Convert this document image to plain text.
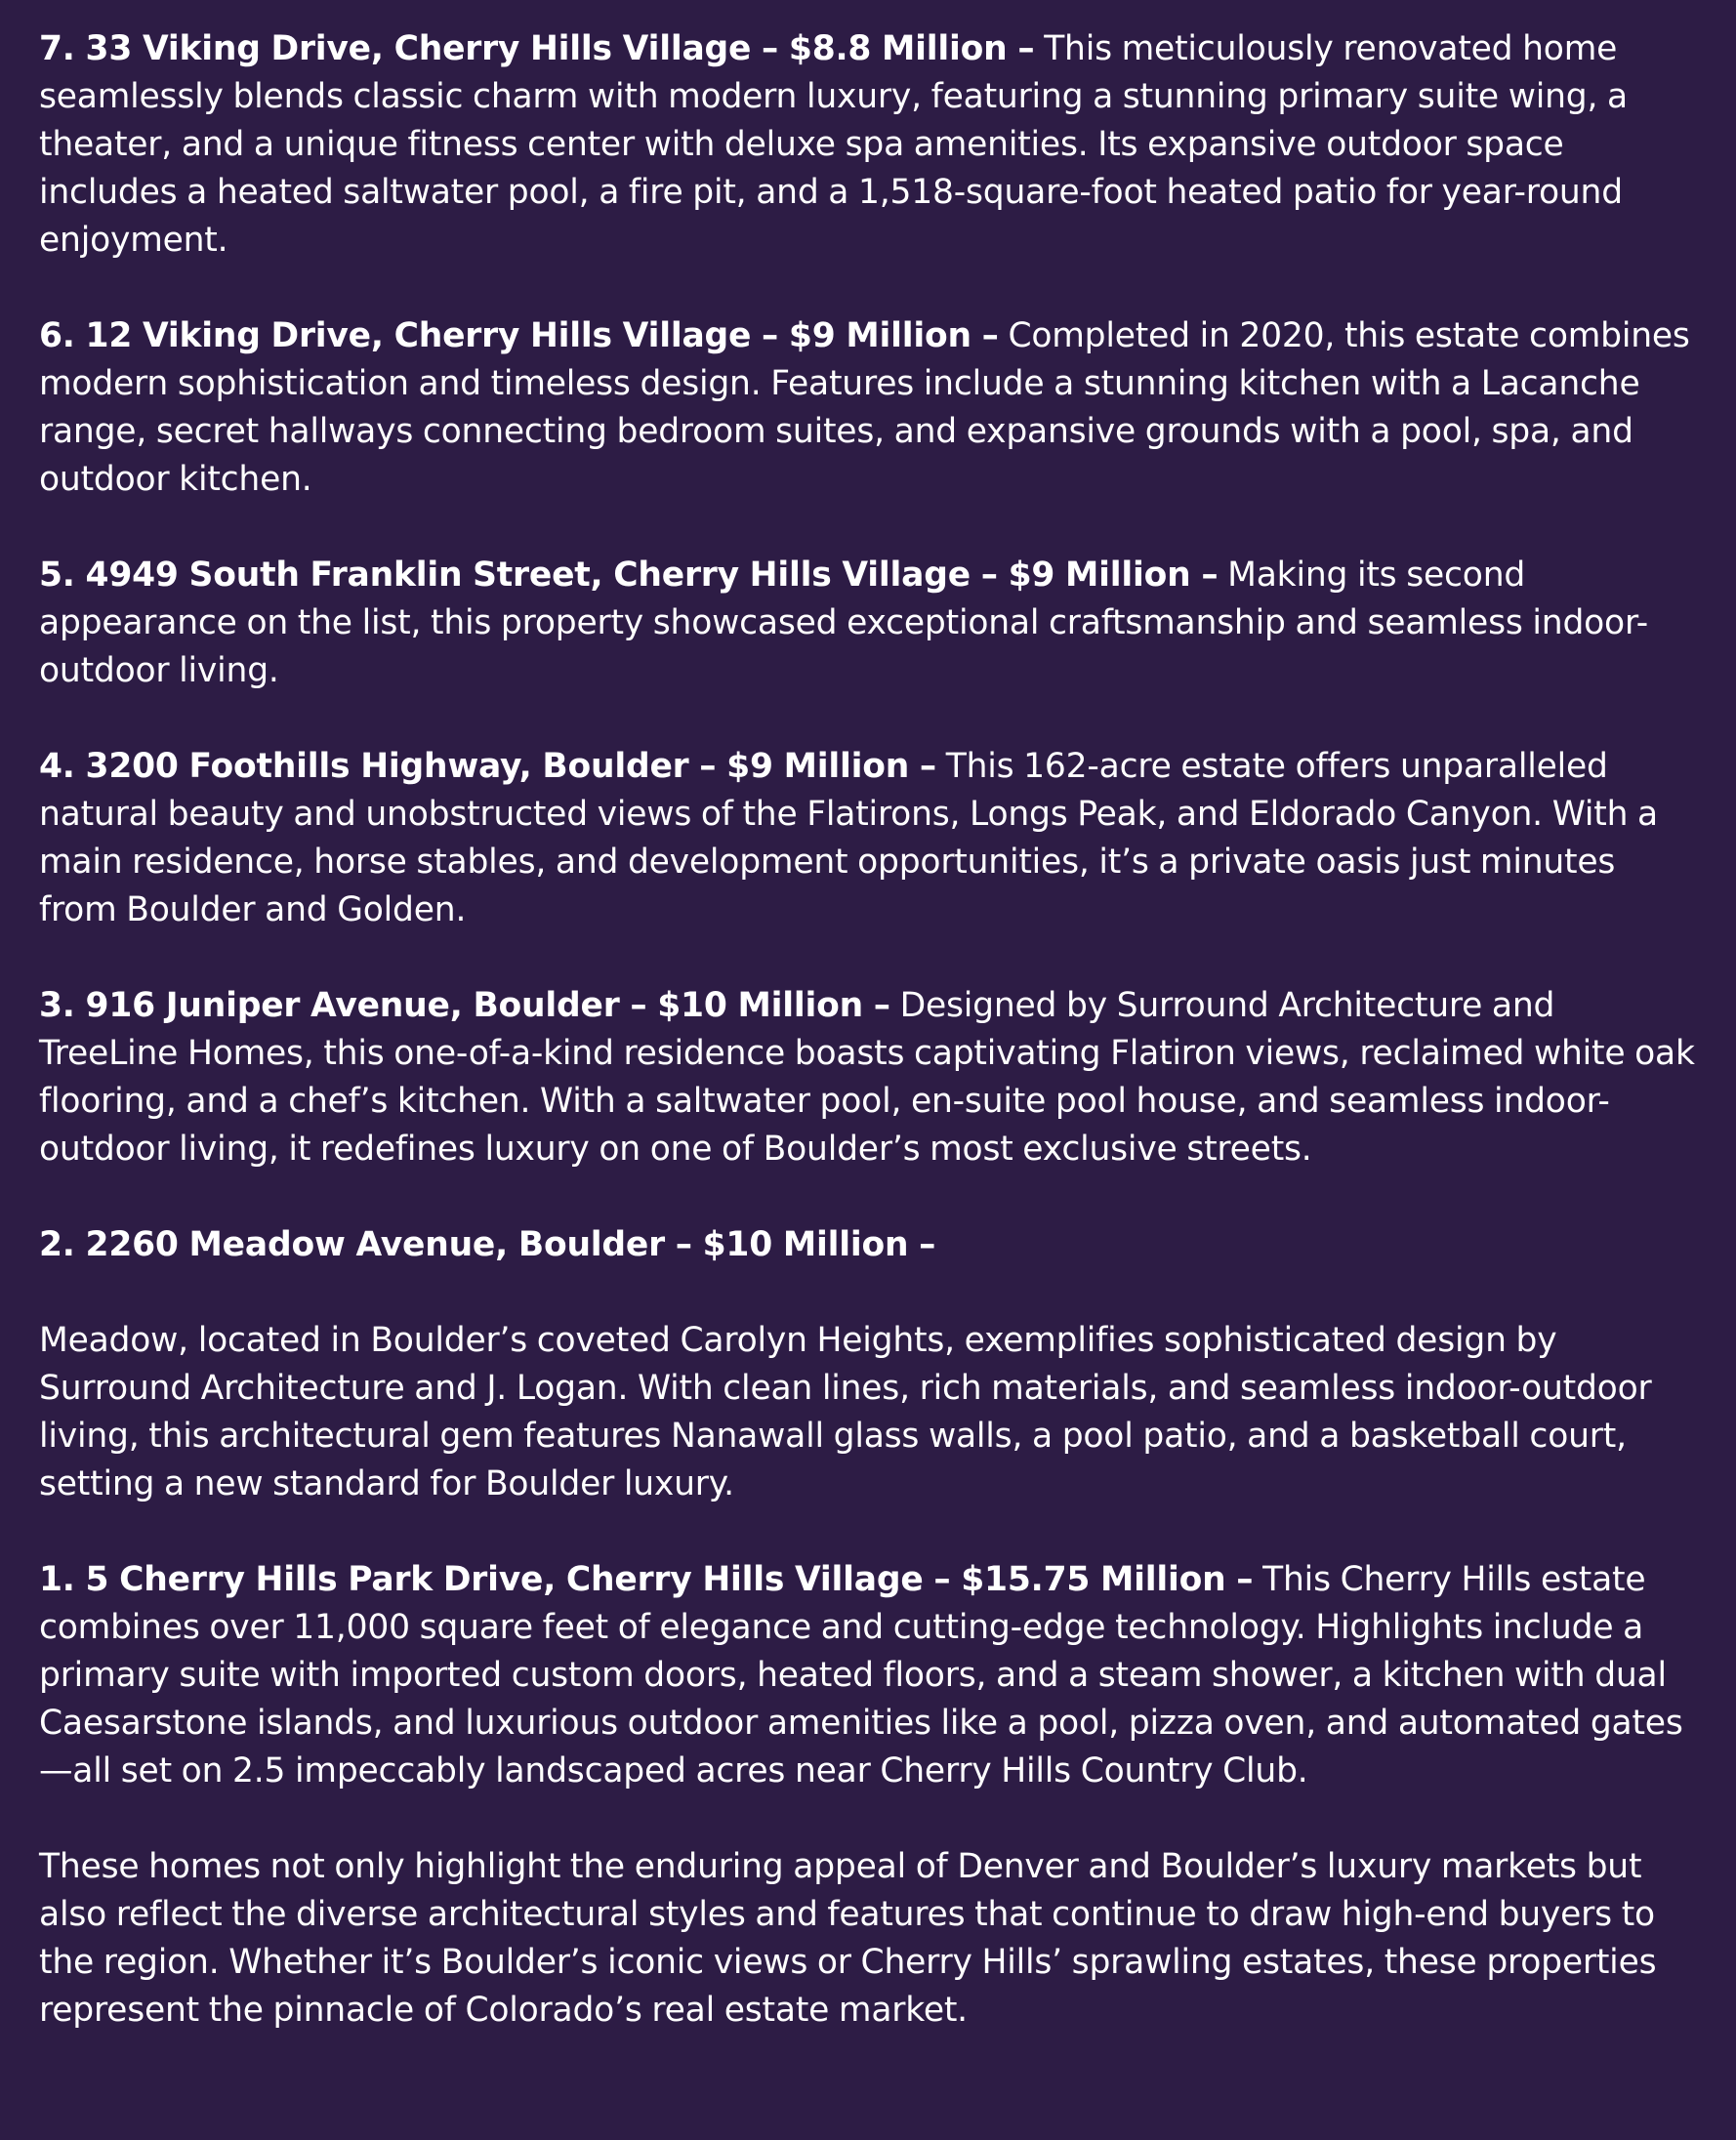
7. 33 Viking Drive, Cherry Hills Village – $8.8 Million – This meticulously renovated home seamlessly blends classic charm with modern luxury, featuring a stunning primary suite wing, a theater, and a unique fitness center with deluxe spa amenities. Its expansive outdoor space includes a heated saltwater pool, a fire pit, and a 1,518-square-foot heated patio for year-round enjoyment.

6. 12 Viking Drive, Cherry Hills Village – $9 Million – Completed in 2020, this estate combines modern sophistication and timeless design. Features include a stunning kitchen with a Lacanche range, secret hallways connecting bedroom suites, and expansive grounds with a pool, spa, and outdoor kitchen.

5. 4949 South Franklin Street, Cherry Hills Village – $9 Million – Making its second appearance on the list, this property showcased exceptional craftsmanship and seamless indoor-outdoor living.

4. 3200 Foothills Highway, Boulder – $9 Million – This 162-acre estate offers unparalleled natural beauty and unobstructed views of the Flatirons, Longs Peak, and Eldorado Canyon. With a main residence, horse stables, and development opportunities, it’s a private oasis just minutes from Boulder and Golden.

3. 916 Juniper Avenue, Boulder – $10 Million – Designed by Surround Architecture and TreeLine Homes, this one-of-a-kind residence boasts captivating Flatiron views, reclaimed white oak flooring, and a chef’s kitchen. With a saltwater pool, en-suite pool house, and seamless indoor-outdoor living, it redefines luxury on one of Boulder’s most exclusive streets.

2. 2260 Meadow Avenue, Boulder – $10 Million –

Meadow, located in Boulder’s coveted Carolyn Heights, exemplifies sophisticated design by Surround Architecture and J. Logan. With clean lines, rich materials, and seamless indoor-outdoor living, this architectural gem features Nanawall glass walls, a pool patio, and a basketball court, setting a new standard for Boulder luxury.

1. 5 Cherry Hills Park Drive, Cherry Hills Village – $15.75 Million – This Cherry Hills estate combines over 11,000 square feet of elegance and cutting-edge technology. Highlights include a primary suite with imported custom doors, heated floors, and a steam shower, a kitchen with dual Caesarstone islands, and luxurious outdoor amenities like a pool, pizza oven, and automated gates—all set on 2.5 impeccably landscaped acres near Cherry Hills Country Club.

These homes not only highlight the enduring appeal of Denver and Boulder’s luxury markets but also reflect the diverse architectural styles and features that continue to draw high-end buyers to the region. Whether it’s Boulder’s iconic views or Cherry Hills’ sprawling estates, these properties represent the pinnacle of Colorado’s real estate market.
